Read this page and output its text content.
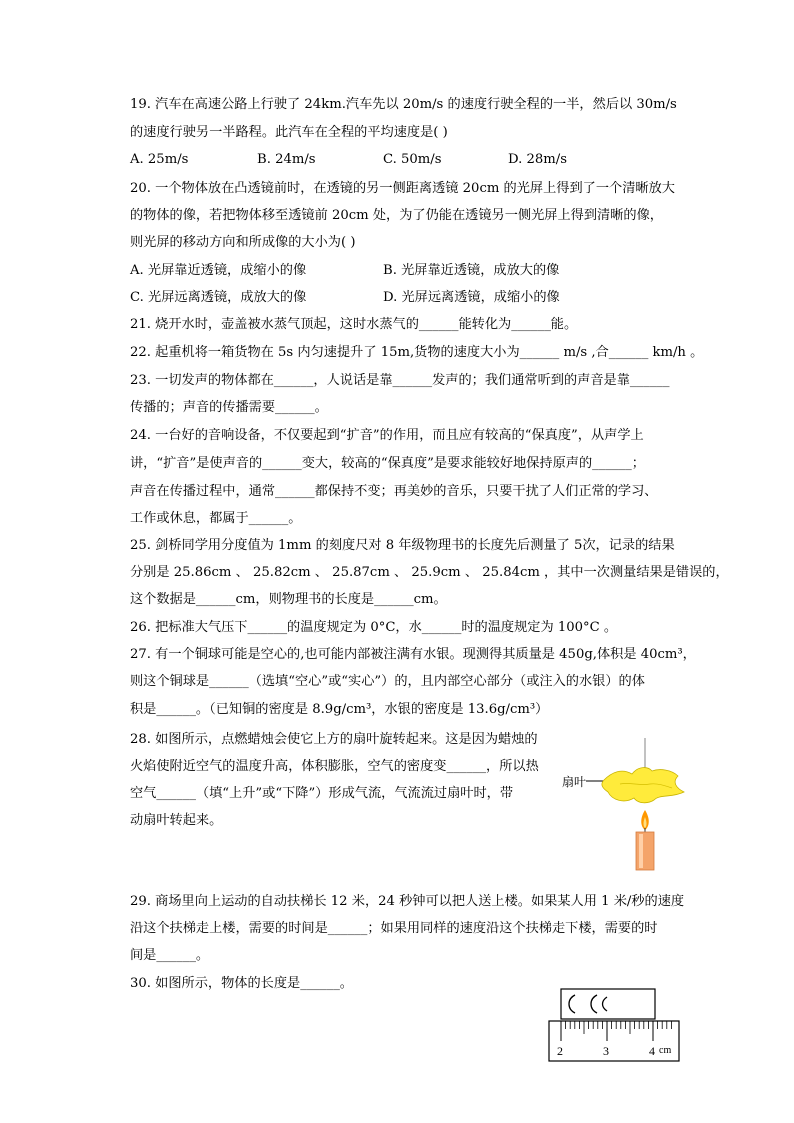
19. 汽车在高速公路上行驶了 24km.汽车先以 20m/s 的速度行驶全程的一半，然后以 30m/s
的速度行驶另一半路程。此汽车在全程的平均速度是( )
A. 25m/s	B. 24m/s	C. 50m/s	D. 28m/s
20. 一个物体放在凸透镜前时，在透镜的另一侧距离透镜 20cm 的光屏上得到了一个清晰放大
的物体的像，若把物体移至透镜前 20cm 处，为了仍能在透镜另一侧光屏上得到清晰的像，
则光屏的移动方向和所成像的大小为( )
A. 光屏靠近透镜，成缩小的像	B. 光屏靠近透镜，成放大的像
C. 光屏远离透镜，成放大的像	D. 光屏远离透镜，成缩小的像
21. 烧开水时，壶盖被水蒸气顶起，这时水蒸气的______能转化为______能。
22. 起重机将一箱货物在 5s 内匀速提升了 15m,货物的速度大小为______ m/s ,合______ km/h 。
23. 一切发声的物体都在______，人说话是靠______发声的；我们通常听到的声音是靠______
传播的；声音的传播需要______。
24. 一台好的音响设备，不仅要起到“扩音”的作用，而且应有较高的“保真度”，从声学上
讲，“扩音”是使声音的______变大，较高的“保真度”是要求能较好地保持原声的______；
声音在传播过程中，通常______都保持不变；再美妙的音乐，只要干扰了人们正常的学习、
工作或休息，都属于______。
25. 剑桥同学用分度值为 1mm 的刻度尺对 8 年级物理书的长度先后测量了 5次，记录的结果
分别是 25.86cm 、 25.82cm 、 25.87cm 、 25.9cm 、 25.84cm ，其中一次测量结果是错误的，
这个数据是______cm，则物理书的长度是______cm。
26. 把标准大气压下______的温度规定为 0°C，水______时的温度规定为 100°C 。
27. 有一个铜球可能是空心的,也可能内部被注满有水银。现测得其质量是 450g,体积是 40cm³，
则这个铜球是______（选填“空心”或“实心”）的，且内部空心部分（或注入的水银）的体
积是______。（已知铜的密度是 8.9g/cm³，水银的密度是 13.6g/cm³）
28. 如图所示，点燃蜡烛会使它上方的扇叶旋转起来。这是因为蜡烛的
火焰使附近空气的温度升高，体积膨胀，空气的密度变______，所以热
空气______（填“上升”或“下降”）形成气流，气流流过扇叶时，带
动扇叶转起来。
扇叶
29. 商场里向上运动的自动扶梯长 12 米，24 秒钟可以把人送上楼。如果某人用 1 米/秒的速度
沿这个扶梯走上楼，需要的时间是______；如果用同样的速度沿这个扶梯走下楼，需要的时
间是______。
30. 如图所示，物体的长度是______。
2	3	4 cm
